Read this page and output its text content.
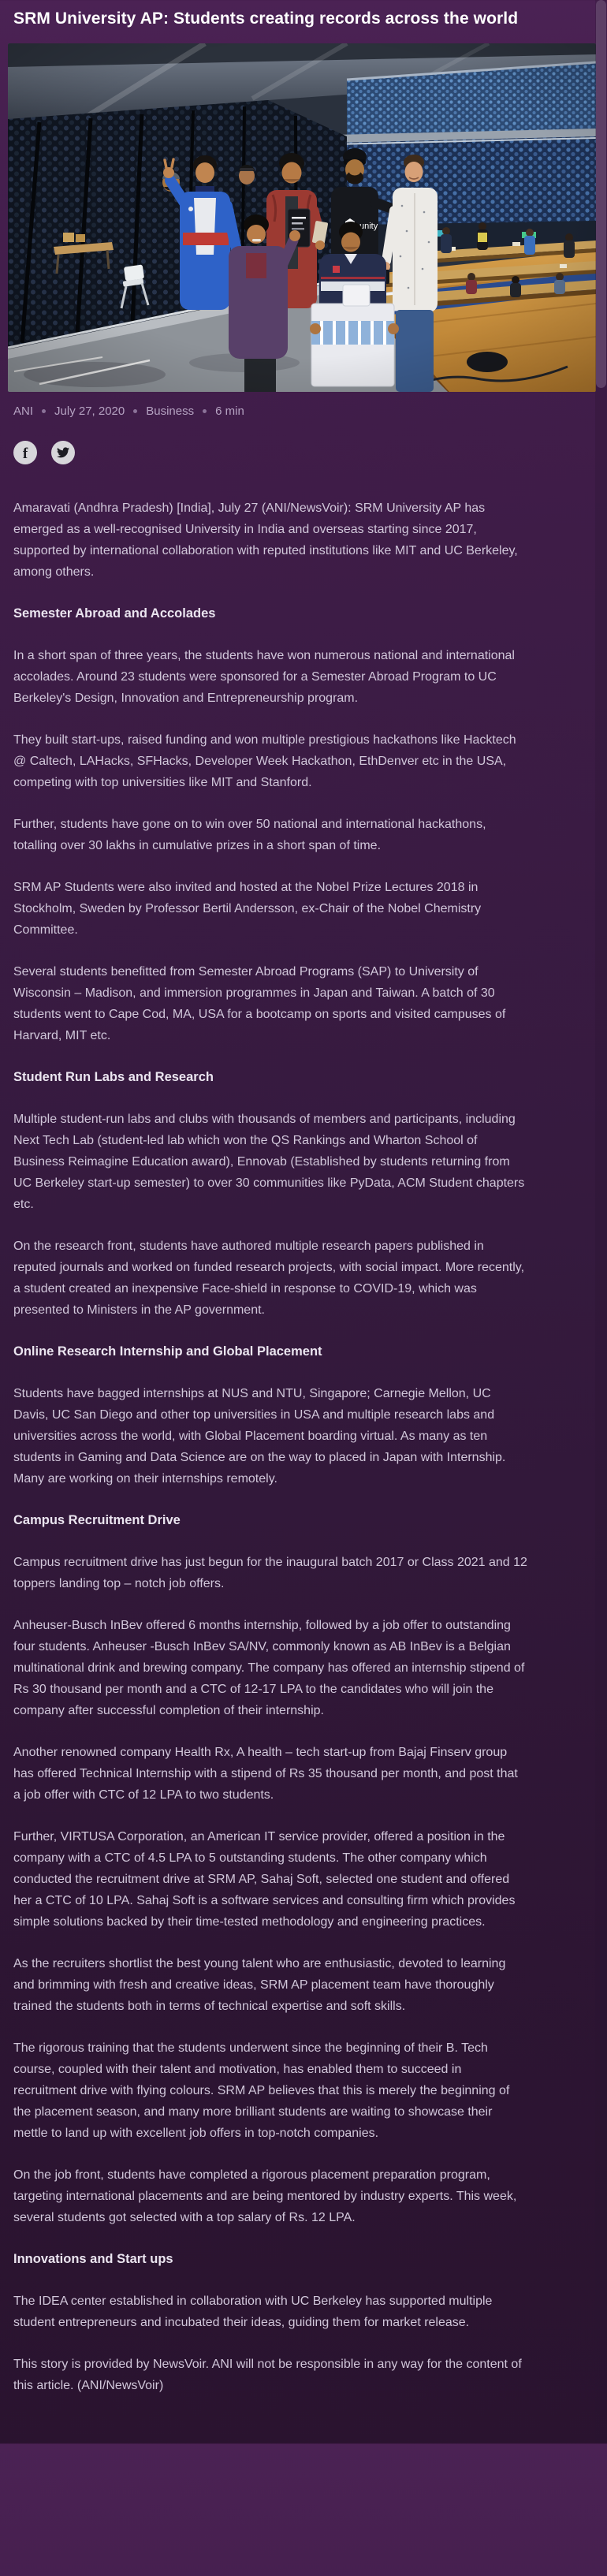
SRM University AP: Students creating records across the world
ANI July 27, 2020 Business 6 min
f

Amaravati (Andhra Pradesh) [India], July 27 (ANI/NewsVoir): SRM University AP has emerged as a well-recognised University in India and overseas starting since 2017, supported by international collaboration with reputed institutions like MIT and UC Berkeley, among others.

Semester Abroad and Accolades

In a short span of three years, the students have won numerous national and international accolades. Around 23 students were sponsored for a Semester Abroad Program to UC Berkeley's Design, Innovation and Entrepreneurship program.

They built start-ups, raised funding and won multiple prestigious hackathons like Hacktech @ Caltech, LAHacks, SFHacks, Developer Week Hackathon, EthDenver etc in the USA, competing with top universities like MIT and Stanford.

Further, students have gone on to win over 50 national and international hackathons, totalling over 30 lakhs in cumulative prizes in a short span of time.

SRM AP Students were also invited and hosted at the Nobel Prize Lectures 2018 in Stockholm, Sweden by Professor Bertil Andersson, ex-Chair of the Nobel Chemistry Committee.

Several students benefitted from Semester Abroad Programs (SAP) to University of Wisconsin – Madison, and immersion programmes in Japan and Taiwan. A batch of 30 students went to Cape Cod, MA, USA for a bootcamp on sports and visited campuses of Harvard, MIT etc.

Student Run Labs and Research

Multiple student-run labs and clubs with thousands of members and participants, including Next Tech Lab (student-led lab which won the QS Rankings and Wharton School of Business Reimagine Education award), Ennovab (Established by students returning from UC Berkeley start-up semester) to over 30 communities like PyData, ACM Student chapters etc.

On the research front, students have authored multiple research papers published in reputed journals and worked on funded research projects, with social impact. More recently, a student created an inexpensive Face-shield in response to COVID-19, which was presented to Ministers in the AP government.

Online Research Internship and Global Placement

Students have bagged internships at NUS and NTU, Singapore; Carnegie Mellon, UC Davis, UC San Diego and other top universities in USA and multiple research labs and universities across the world, with Global Placement boarding virtual. As many as ten students in Gaming and Data Science are on the way to placed in Japan with Internship. Many are working on their internships remotely.

Campus Recruitment Drive

Campus recruitment drive has just begun for the inaugural batch 2017 or Class 2021 and 12 toppers landing top – notch job offers.

Anheuser-Busch InBev offered 6 months internship, followed by a job offer to outstanding four students. Anheuser -Busch InBev SA/NV, commonly known as AB InBev is a Belgian multinational drink and brewing company. The company has offered an internship stipend of Rs 30 thousand per month and a CTC of 12-17 LPA to the candidates who will join the company after successful completion of their internship.

Another renowned company Health Rx, A health – tech start-up from Bajaj Finserv group has offered Technical Internship with a stipend of Rs 35 thousand per month, and post that a job offer with CTC of 12 LPA to two students.

Further, VIRTUSA Corporation, an American IT service provider, offered a position in the company with a CTC of 4.5 LPA to 5 outstanding students. The other company which conducted the recruitment drive at SRM AP, Sahaj Soft, selected one student and offered her a CTC of 10 LPA. Sahaj Soft is a software services and consulting firm which provides simple solutions backed by their time-tested methodology and engineering practices.

As the recruiters shortlist the best young talent who are enthusiastic, devoted to learning and brimming with fresh and creative ideas, SRM AP placement team have thoroughly trained the students both in terms of technical expertise and soft skills.

The rigorous training that the students underwent since the beginning of their B. Tech course, coupled with their talent and motivation, has enabled them to succeed in recruitment drive with flying colours. SRM AP believes that this is merely the beginning of the placement season, and many more brilliant students are waiting to showcase their mettle to land up with excellent job offers in top-notch companies.

On the job front, students have completed a rigorous placement preparation program, targeting international placements and are being mentored by industry experts. This week, several students got selected with a top salary of Rs. 12 LPA.

Innovations and Start ups

The IDEA center established in collaboration with UC Berkeley has supported multiple student entrepreneurs and incubated their ideas, guiding them for market release.

This story is provided by NewsVoir. ANI will not be responsible in any way for the content of this article. (ANI/NewsVoir)
